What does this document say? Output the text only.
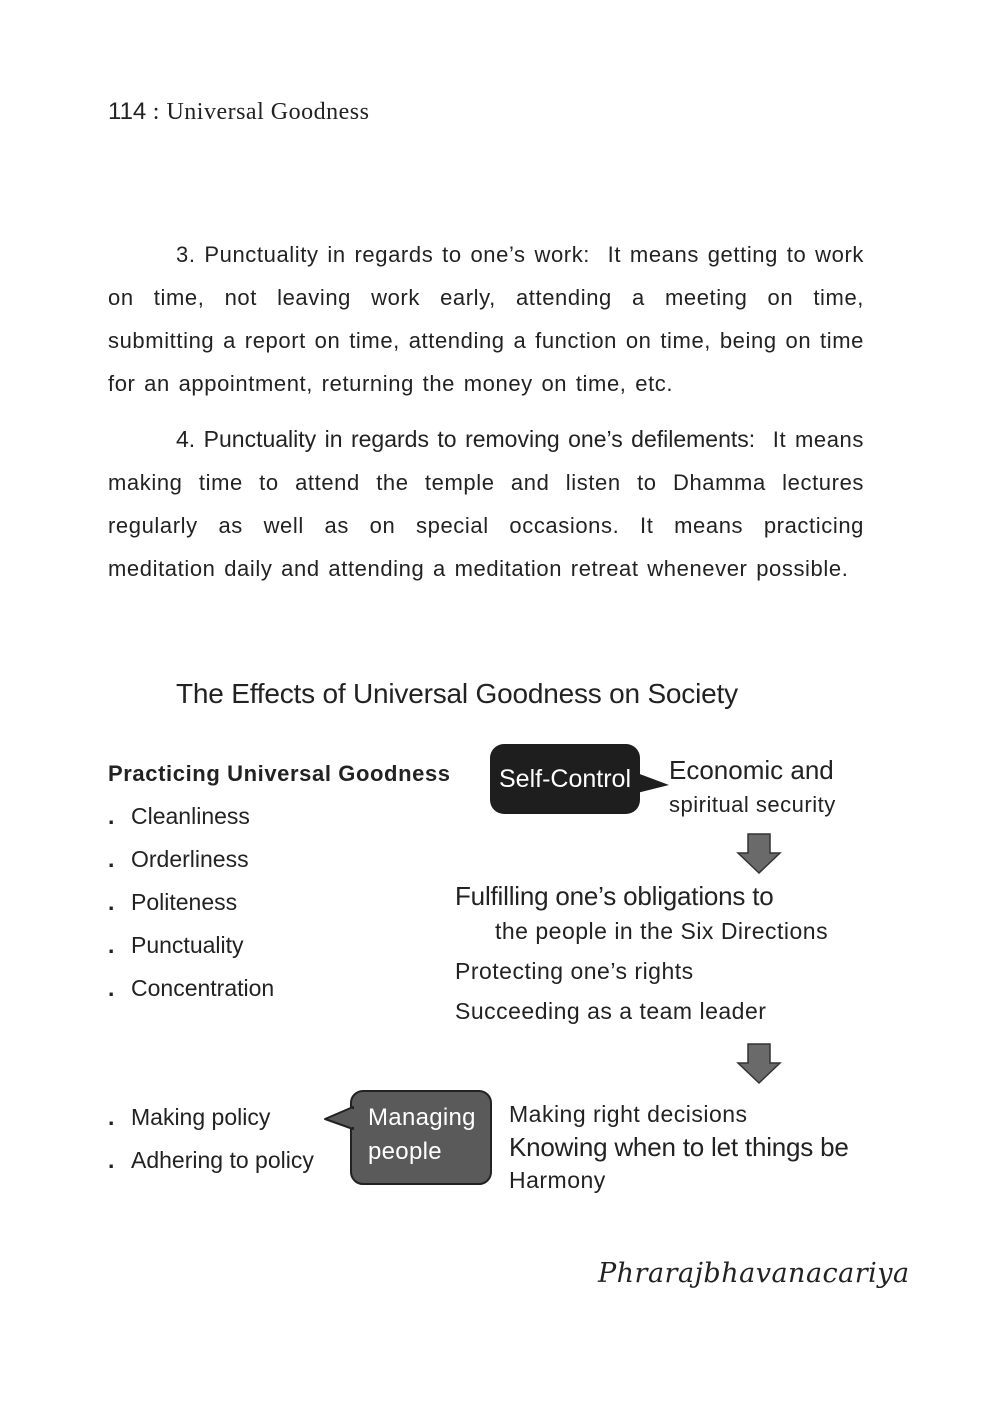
114 : Universal Goodness
3. Punctuality in regards to one’s work: It means getting to work on time, not leaving work early, attending a meeting on time, submitting a report on time, attending a function on time, being on time for an appointment, returning the money on time, etc.
4. Punctuality in regards to removing one’s defilements: It means making time to attend the temple and listen to Dhamma lectures regularly as well as on special occasions. It means practicing meditation daily and attending a meditation retreat whenever possible.
The Effects of Universal Goodness on Society
Practicing Universal Goodness
. Cleanliness
. Orderliness
. Politeness
. Punctuality
. Concentration
Self-Control	Economic and
spiritual security
Fulfilling one’s obligations to
the people in the Six Directions
Protecting one’s rights
Succeeding as a team leader
. Making policy
. Adhering to policy
Managing
people
Making right decisions
Knowing when to let things be
Harmony
Phrarajbhavanacariya
